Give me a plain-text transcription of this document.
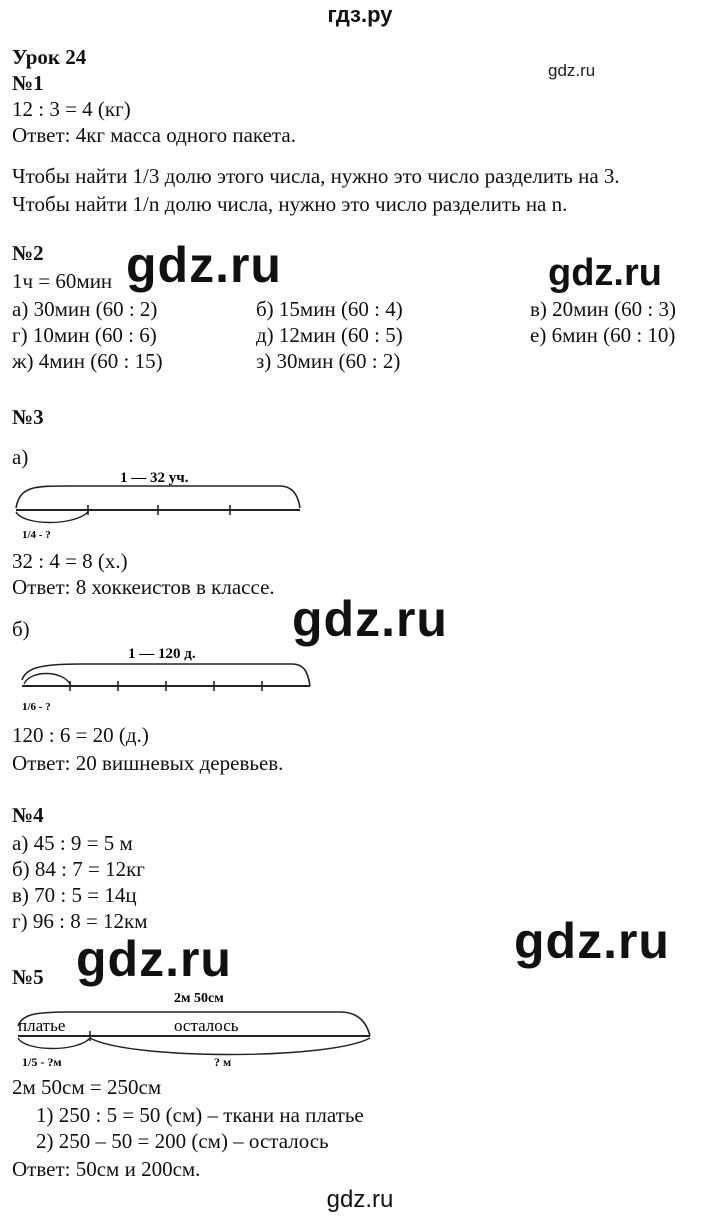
гдз.ру
gdz.ru
gdz.ru	gdz.ru
gdz.ru
gdz.ru
gdz.ru
gdz.ru
Урок 24
№1
12 : 3 = 4 (кг)
Ответ: 4кг масса одного пакета.
Чтобы найти 1/3 долю этого числа, нужно это число разделить на 3.
Чтобы найти 1/n долю числа, нужно это число разделить на n.
№2
1ч = 60мин
а) 30мин (60 : 2)	б) 15мин (60 : 4)	в) 20мин (60 : 3)
г) 10мин (60 : 6)	д) 12мин (60 : 5)	е) 6мин (60 : 10)
ж) 4мин (60 : 15)	з) 30мин (60 : 2)
№3
а)
1 — 32 уч.
1/4 - ?
32 : 4 = 8 (х.)
Ответ: 8 хоккеистов в классе.
б)
1 — 120 д.
1/6 - ?
120 : 6 = 20 (д.)
Ответ: 20 вишневых деревьев.
№4
а) 45 : 9 = 5 м
б) 84 : 7 = 12кг
в) 70 : 5 = 14ц
г) 96 : 8 = 12км
№5
2м 50см
платье	осталось
1/5 - ?м	? м
2м 50см = 250см
1) 250 : 5 = 50 (см) – ткани на платье
2) 250 – 50 = 200 (см) – осталось
Ответ: 50см и 200см.
